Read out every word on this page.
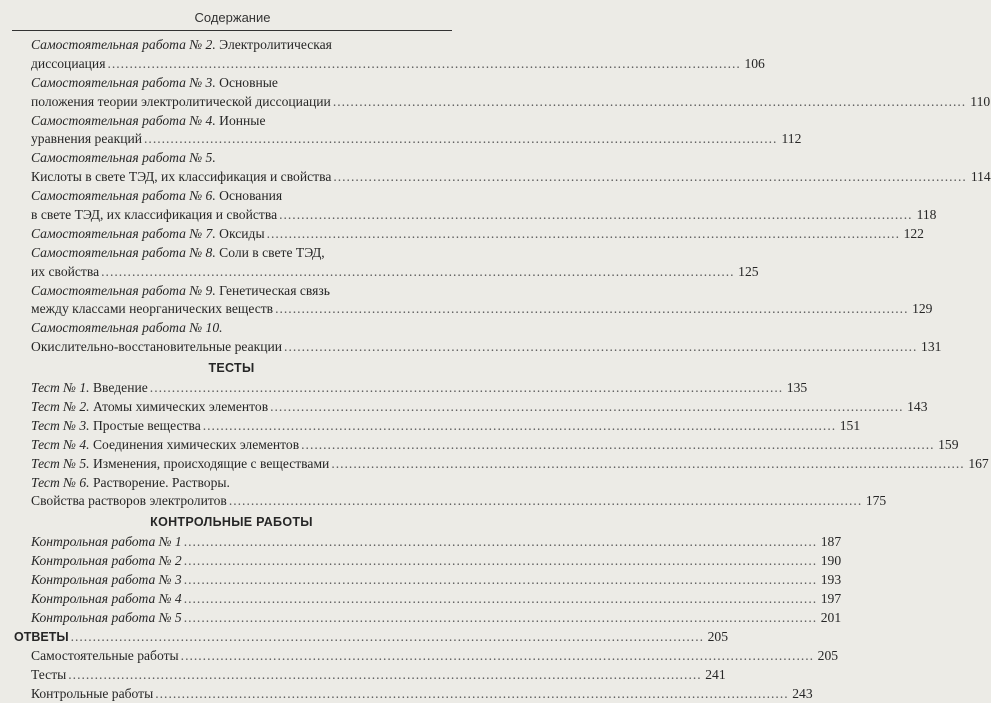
Содержание
Самостоятельная работа № 2. Электролитическая
диссоциация .....	106
Самостоятельная работа № 3. Основные
положения теории электролитической диссоциации .....	110
Самостоятельная работа № 4. Ионные
уравнения реакций .....	112
Самостоятельная работа № 5.
Кислоты в свете ТЭД, их классификация и свойства .....	114
Самостоятельная работа № 6. Основания
в свете ТЭД, их классификация и свойства .....	118
Самостоятельная работа № 7. Оксиды .....	122
Самостоятельная работа № 8. Соли в свете ТЭД,
их свойства .....	125
Самостоятельная работа № 9. Генетическая связь
между классами неорганических веществ .....	129
Самостоятельная работа № 10.
Окислительно-восстановительные реакции .....	131
ТЕСТЫ
Тест № 1. Введение .....	135
Тест № 2. Атомы химических элементов .....	143
Тест № 3. Простые вещества .....	151
Тест № 4. Соединения химических элементов .....	159
Тест № 5. Изменения, происходящие с веществами .....	167
Тест № 6. Растворение. Растворы.
Свойства растворов электролитов .....	175
КОНТРОЛЬНЫЕ РАБОТЫ
Контрольная работа № 1 .....	187
Контрольная работа № 2 .....	190
Контрольная работа № 3 .....	193
Контрольная работа № 4 .....	197
Контрольная работа № 5 .....	201
ОТВЕТЫ .....	205
Самостоятельные работы .....	205
Тесты .....	241
Контрольные работы .....	243
